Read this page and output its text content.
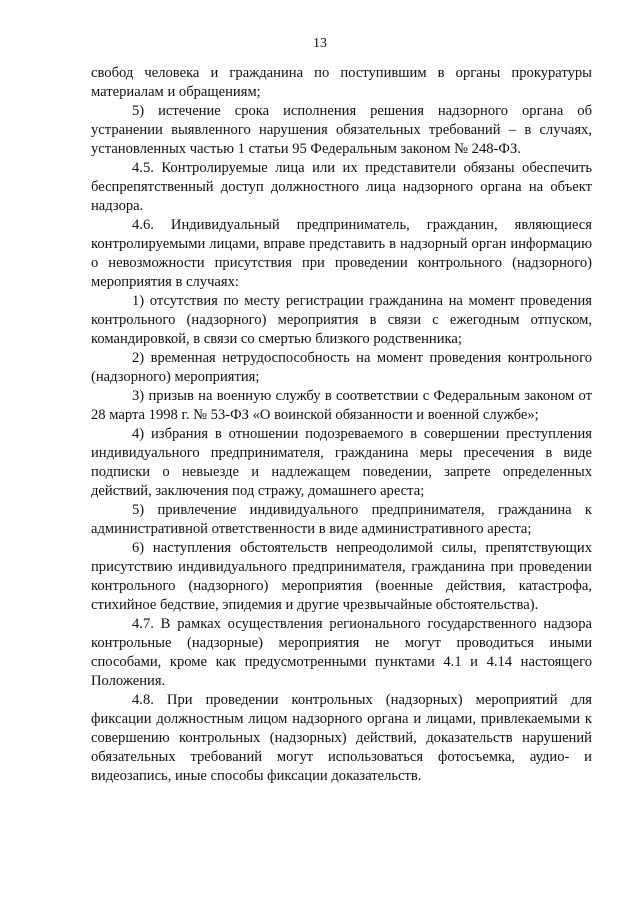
13

свобод человека и гражданина по поступившим в органы прокуратуры материалам и обращениям;

5) истечение срока исполнения решения надзорного органа об устранении выявленного нарушения обязательных требований – в случаях, установленных частью 1 статьи 95 Федеральным законом № 248-ФЗ.

4.5. Контролируемые лица или их представители обязаны обеспечить беспрепятственный доступ должностного лица надзорного органа на объект надзора.

4.6. Индивидуальный предприниматель, гражданин, являющиеся контролируемыми лицами, вправе представить в надзорный орган информацию о невозможности присутствия при проведении контрольного (надзорного) мероприятия в случаях:

1) отсутствия по месту регистрации гражданина на момент проведения контрольного (надзорного) мероприятия в связи с ежегодным отпуском, командировкой, в связи со смертью близкого родственника;

2) временная нетрудоспособность на момент проведения контрольного (надзорного) мероприятия;

3) призыв на военную службу в соответствии с Федеральным законом от 28 марта 1998 г. № 53-ФЗ «О воинской обязанности и военной службе»;

4) избрания в отношении подозреваемого в совершении преступления индивидуального предпринимателя, гражданина меры пресечения в виде подписки о невыезде и надлежащем поведении, запрете определенных действий, заключения под стражу, домашнего ареста;

5) привлечение индивидуального предпринимателя, гражданина к административной ответственности в виде административного ареста;

6) наступления обстоятельств непреодолимой силы, препятствующих присутствию индивидуального предпринимателя, гражданина при проведении контрольного (надзорного) мероприятия (военные действия, катастрофа, стихийное бедствие, эпидемия и другие чрезвычайные обстоятельства).

4.7. В рамках осуществления регионального государственного надзора контрольные (надзорные) мероприятия не могут проводиться иными способами, кроме как предусмотренными пунктами 4.1 и 4.14 настоящего Положения.

4.8. При проведении контрольных (надзорных) мероприятий для фиксации должностным лицом надзорного органа и лицами, привлекаемыми к совершению контрольных (надзорных) действий, доказательств нарушений обязательных требований могут использоваться фотосъемка, аудио- и видеозапись, иные способы фиксации доказательств.
